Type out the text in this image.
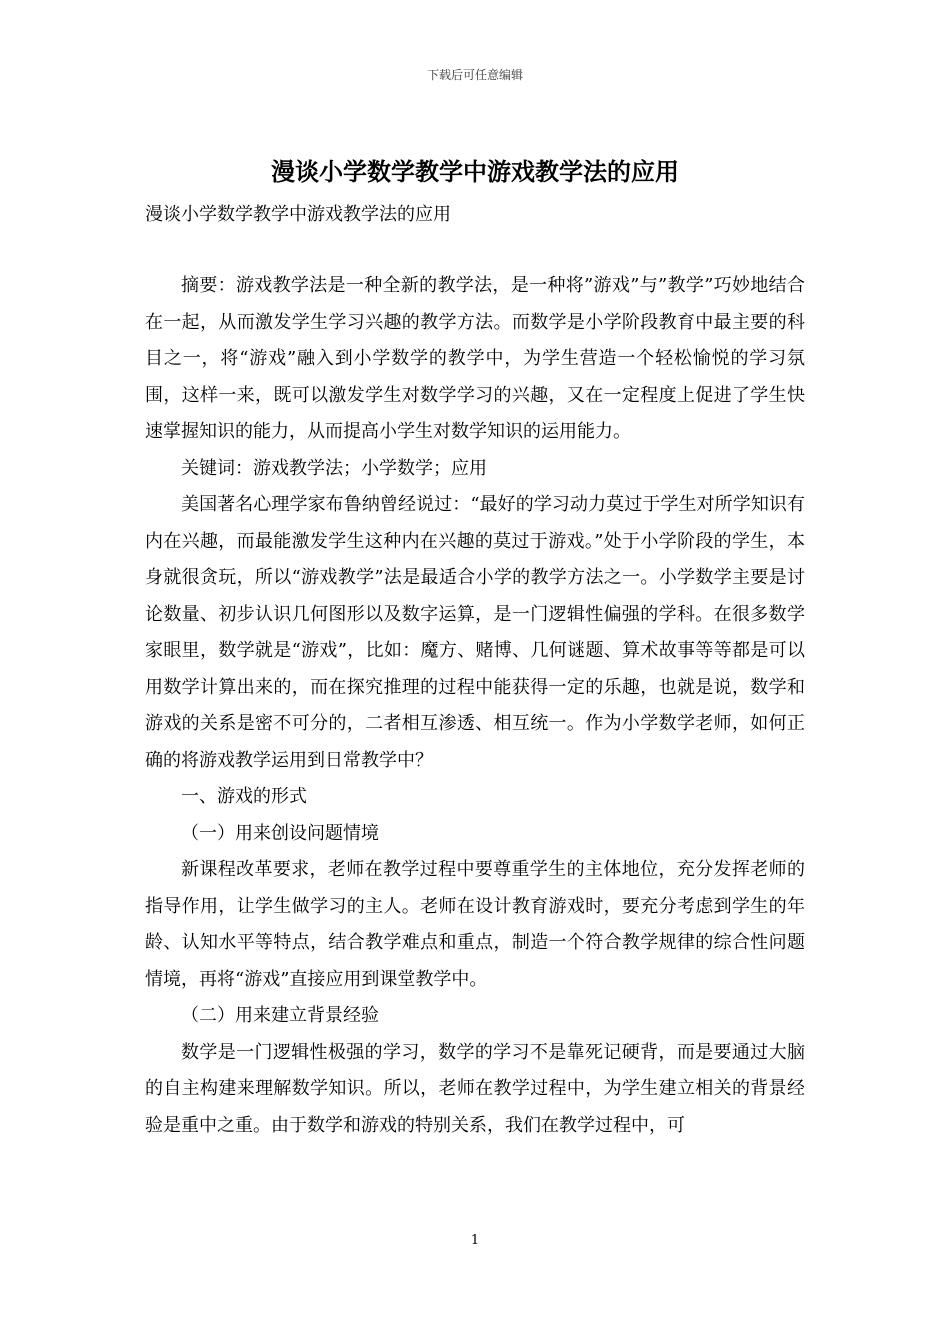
下载后可任意编辑
漫谈小学数学教学中游戏教学法的应用
漫谈小学数学教学中游戏教学法的应用

摘要：游戏教学法是一种全新的教学法，是一种将”游戏”与”教学”巧妙地结合在一起，从而激发学生学习兴趣的教学方法。而数学是小学阶段教育中最主要的科目之一，将“游戏”融入到小学数学的教学中，为学生营造一个轻松愉悦的学习氛围，这样一来，既可以激发学生对数学学习的兴趣，又在一定程度上促进了学生快速掌握知识的能力，从而提高小学生对数学知识的运用能力。

关键词：游戏教学法；小学数学；应用

美国著名心理学家布鲁纳曾经说过：“最好的学习动力莫过于学生对所学知识有内在兴趣，而最能激发学生这种内在兴趣的莫过于游戏。”处于小学阶段的学生，本身就很贪玩，所以“游戏教学”法是最适合小学的教学方法之一。小学数学主要是讨论数量、初步认识几何图形以及数字运算，是一门逻辑性偏强的学科。在很多数学家眼里，数学就是“游戏”，比如：魔方、赌博、几何谜题、算术故事等等都是可以用数学计算出来的，而在探究推理的过程中能获得一定的乐趣，也就是说，数学和游戏的关系是密不可分的，二者相互渗透、相互统一。作为小学数学老师，如何正确的将游戏教学运用到日常教学中？

一、游戏的形式

（一）用来创设问题情境

新课程改革要求，老师在教学过程中要尊重学生的主体地位，充分发挥老师的指导作用，让学生做学习的主人。老师在设计教育游戏时，要充分考虑到学生的年龄、认知水平等特点，结合教学难点和重点，制造一个符合教学规律的综合性问题情境，再将“游戏”直接应用到课堂教学中。

（二）用来建立背景经验

数学是一门逻辑性极强的学习，数学的学习不是靠死记硬背，而是要通过大脑的自主构建来理解数学知识。所以，老师在教学过程中，为学生建立相关的背景经验是重中之重。由于数学和游戏的特别关系，我们在教学过程中，可

1
